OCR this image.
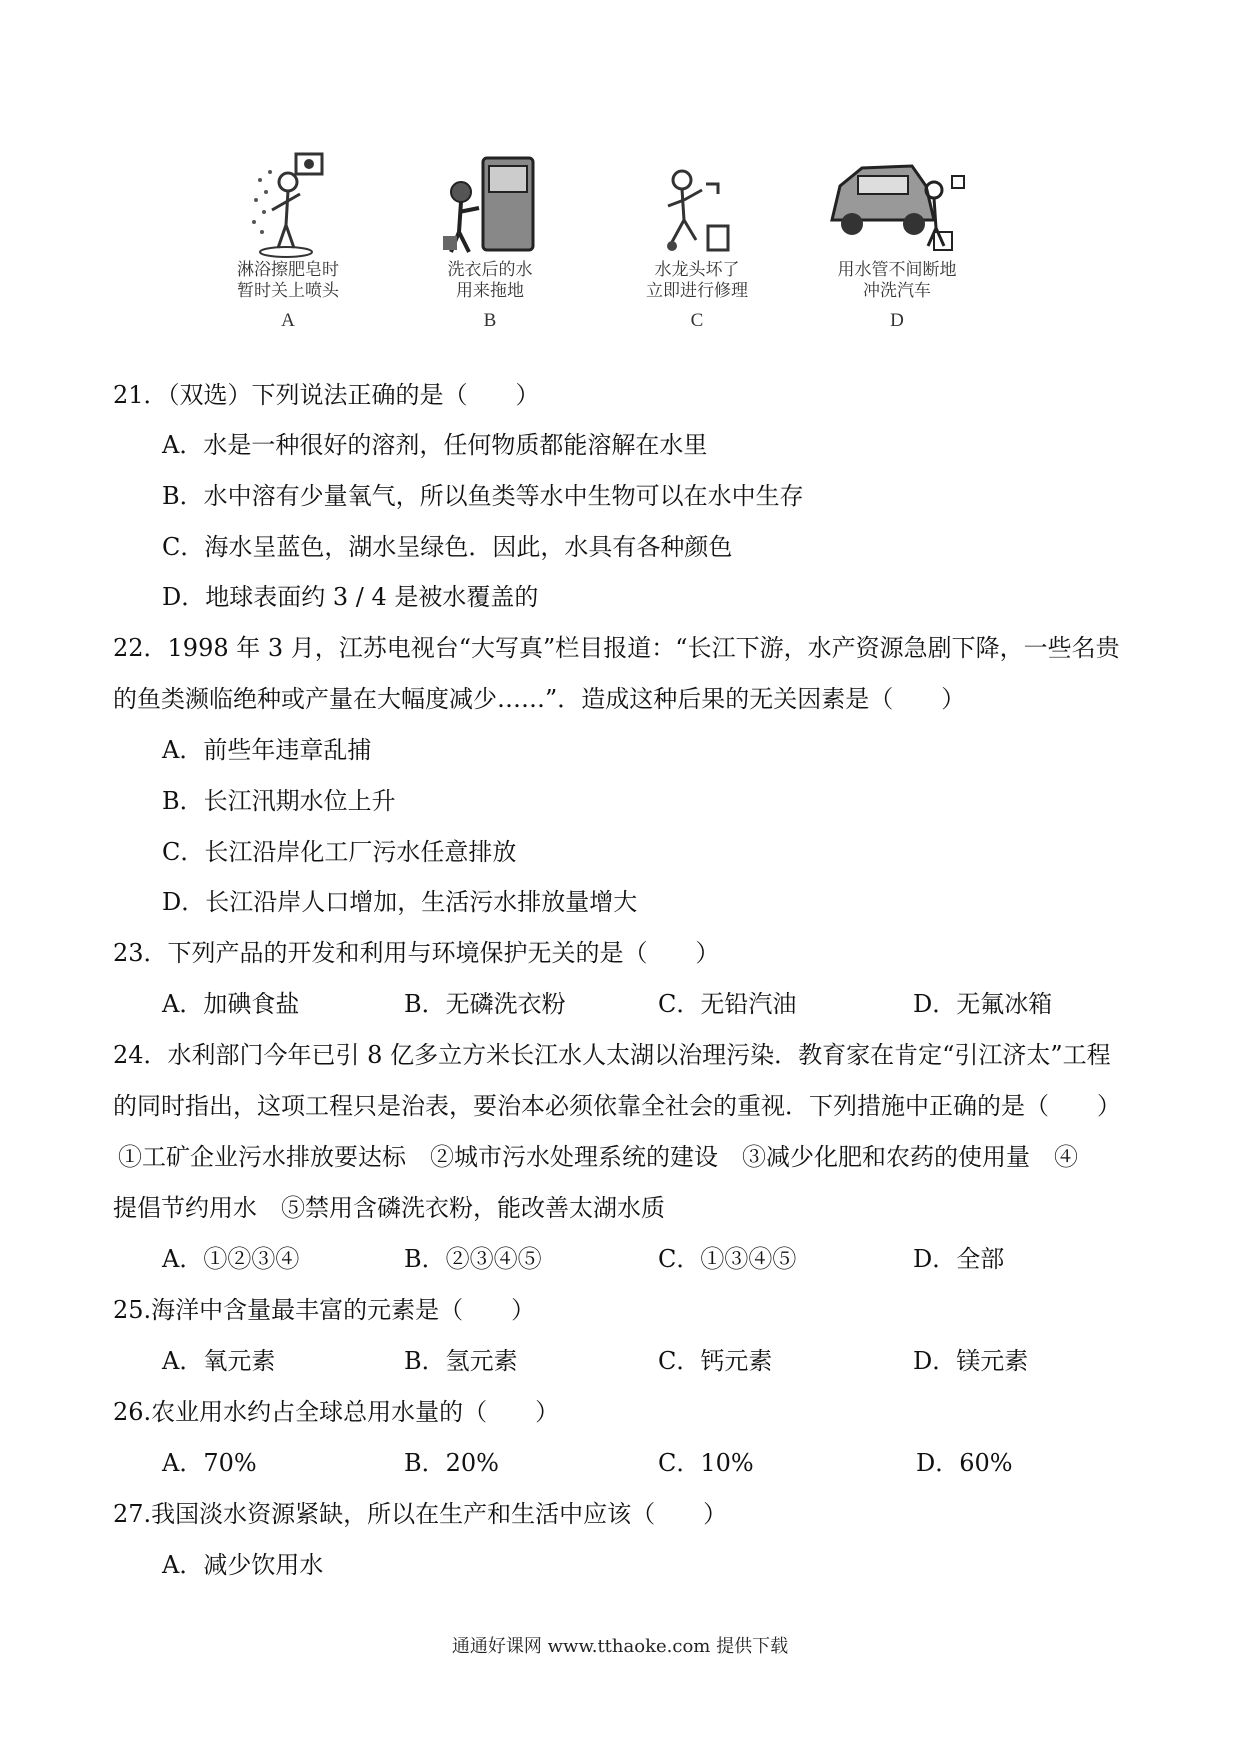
淋浴擦肥皂时
暂时关上喷头
A
洗衣后的水
用来拖地
B
水龙头坏了
立即进行修理
C
用水管不间断地
冲洗汽车
D
21．（双选）下列说法正确的是（　　）
A．水是一种很好的溶剂，任何物质都能溶解在水里
B．水中溶有少量氧气，所以鱼类等水中生物可以在水中生存
C．海水呈蓝色，湖水呈绿色．因此，水具有各种颜色
D．地球表面约 3 / 4 是被水覆盖的
22．1998 年 3 月，江苏电视台“大写真”栏目报道：“长江下游，水产资源急剧下降，一些名贵
的鱼类濒临绝种或产量在大幅度减少……”．造成这种后果的无关因素是（　　）
A．前些年违章乱捕
B．长江汛期水位上升
C．长江沿岸化工厂污水任意排放
D．长江沿岸人口增加，生活污水排放量增大
23．下列产品的开发和利用与环境保护无关的是（　　）
A．加碘食盐	B．无磷洗衣粉	C．无铅汽油	D．无氟冰箱
24．水利部门今年已引 8 亿多立方米长江水人太湖以治理污染．教育家在肯定“引江济太”工程
的同时指出，这项工程只是治表，要治本必须依靠全社会的重视．下列措施中正确的是（　　）
①工矿企业污水排放要达标　②城市污水处理系统的建设　③减少化肥和农药的使用量　④
提倡节约用水　⑤禁用含磷洗衣粉，能改善太湖水质
A．①②③④	B．②③④⑤	C．①③④⑤	D．全部
25.海洋中含量最丰富的元素是（　　）
A．氧元素	B．氢元素	C．钙元素	D．镁元素
26.农业用水约占全球总用水量的（　　）
A．70%	B．20%	C．10%	D．60%
27.我国淡水资源紧缺，所以在生产和生活中应该（　　）
A．减少饮用水
通通好课网 www.tthaoke.com 提供下载
